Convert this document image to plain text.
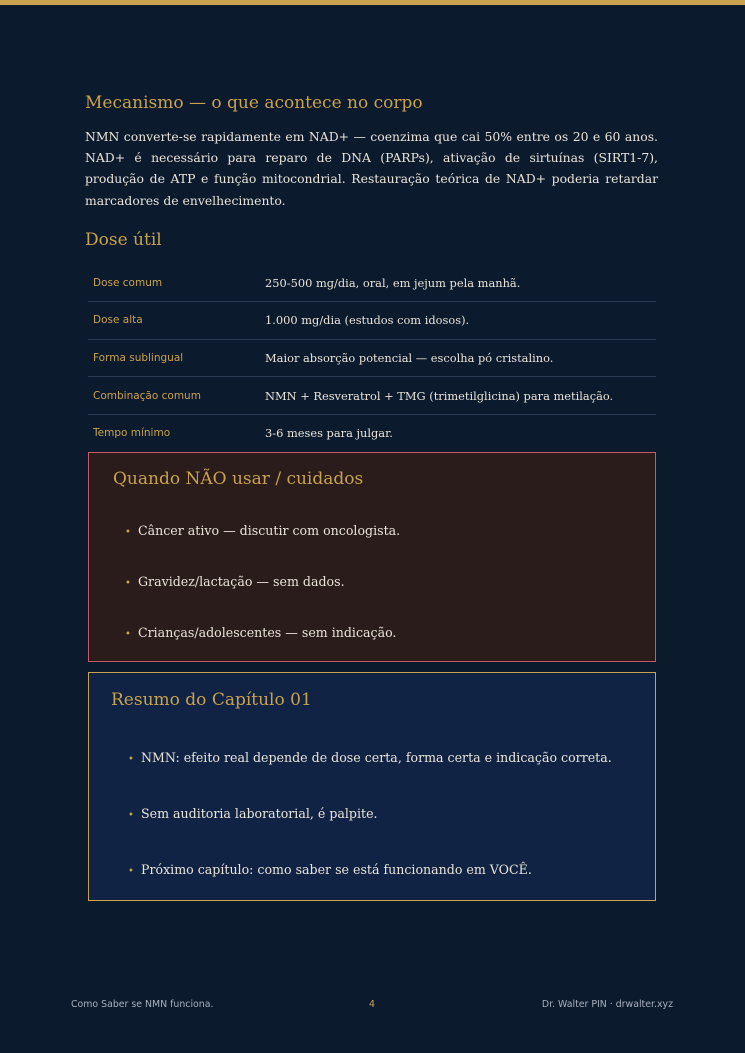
Mecanismo — o que acontece no corpo

NMN converte-se rapidamente em NAD+ — coenzima que cai 50% entre os 20 e 60 anos. NAD+ é necessário para reparo de DNA (PARPs), ativação de sirtuínas (SIRT1-7), produção de ATP e função mitocondrial. Restauração teórica de NAD+ poderia retardar marcadores de envelhecimento.

Dose útil
Dose comum	250-500 mg/dia, oral, em jejum pela manhã.
Dose alta	1.000 mg/dia (estudos com idosos).
Forma sublingual	Maior absorção potencial — escolha pó cristalino.
Combinação comum	NMN + Resveratrol + TMG (trimetilglicina) para metilação.
Tempo mínimo	3-6 meses para julgar.
Quando NÃO usar / cuidados
• Câncer ativo — discutir com oncologista.
• Gravidez/lactação — sem dados.
• Crianças/adolescentes — sem indicação.
Resumo do Capítulo 01
• NMN: efeito real depende de dose certa, forma certa e indicação correta.
• Sem auditoria laboratorial, é palpite.
• Próximo capítulo: como saber se está funcionando em VOCÊ.
Como Saber se NMN funciona.	4	Dr. Walter PIN · drwalter.xyz
